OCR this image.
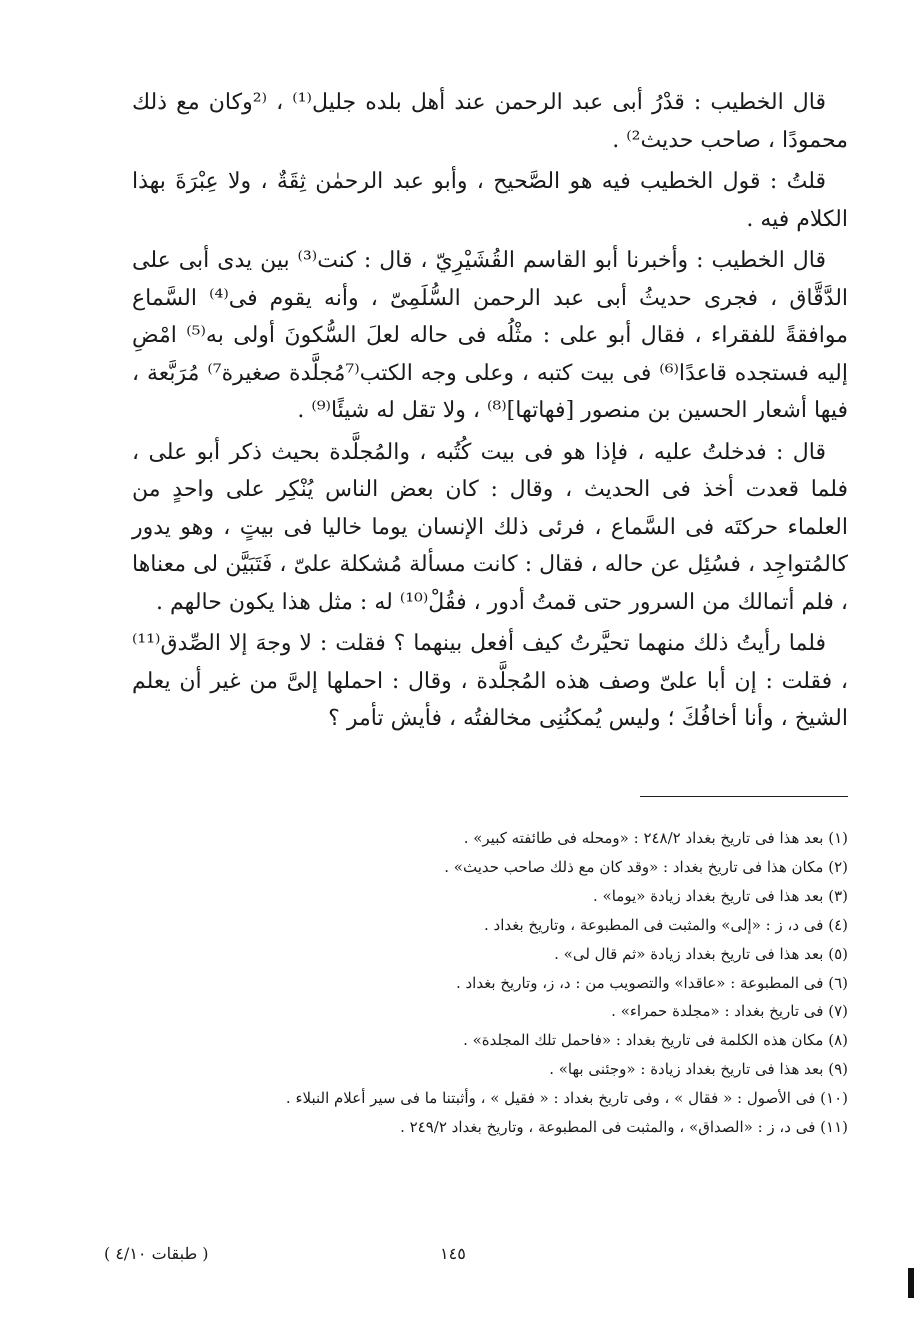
قال الخطيب : قدْرُ أبى عبد الرحمن عند أهل بلده جليل⁽¹⁾ ، ⁽²وكان مع ذلك محمودًا ، صاحب حديث²⁾ .

قلتُ : قول الخطيب فيه هو الصَّحيح ، وأبو عبد الرحمٰن ثِقَةٌ ، ولا عِبْرَةَ بهذا الكلام فيه .

قال الخطيب : وأخبرنا أبو القاسم القُشَيْرِيّ ، قال : كنت⁽³⁾ بين يدى أبى على الدَّقَّاق ، فجرى حديثُ أبى عبد الرحمن السُّلَمِىّ ، وأنه يقوم فى⁽⁴⁾ السَّماع موافقةً للفقراء ، فقال أبو على : مثْلُه فى حاله لعلَ السُّكونَ أولى به⁽⁵⁾ امْضِ إليه فستجده قاعدًا⁽⁶⁾ فى بيت كتبه ، وعلى وجه الكتب⁽⁷مُجلَّدة صغيرة⁷⁾ مُرَبَّعة ، فيها أشعار الحسين بن منصور [فهاتها]⁽⁸⁾ ، ولا تقل له شيئًا⁽⁹⁾ .

قال : فدخلتُ عليه ، فإذا هو فى بيت كُتُبه ، والمُجلَّدة بحيث ذكر أبو على ، فلما قعدت أخذ فى الحديث ، وقال : كان بعض الناس يُنْكِر على واحدٍ من العلماء حركتَه فى السَّماع ، فرئى ذلك الإنسان يوما خاليا فى بيتٍ ، وهو يدور كالمُتواجِد ، فسُئِل عن حاله ، فقال : كانت مسألة مُشكلة علىّ ، فَتَبَيَّن لى معناها ، فلم أتمالك من السرور حتى قمتُ أدور ، فقُلْ⁽¹⁰⁾ له : مثل هذا يكون حالهم .

فلما رأيتُ ذلك منهما تحيَّرتُ كيف أفعل بينهما ؟ فقلت : لا وجهَ إلا الصِّدق⁽¹¹⁾ ، فقلت : إن أبا علىّ وصف هذه المُجلَّدة ، وقال : احملها إلىَّ من غير أن يعلم الشيخ ، وأنا أخافُكَ ؛ وليس يُمكنُنِى مخالفتُه ، فأيش تأمر ؟

(١) بعد هذا فى تاريخ بغداد ٢٤٨/٢ : «ومحله فى طائفته كبير» .

(٢) مكان هذا فى تاريخ بغداد : «وقد كان مع ذلك صاحب حديث» .

(٣) بعد هذا فى تاريخ بغداد زيادة «يوما» .

(٤) فى د، ز : «إلى» والمثبت فى المطبوعة ، وتاريخ بغداد .

(٥) بعد هذا فى تاريخ بغداد زيادة «ثم قال لى» .

(٦) فى المطبوعة : «عاقدا» والتصويب من : د، ز، وتاريخ بغداد .

(٧) فى تاريخ بغداد : «مجلدة حمراء» .

(٨) مكان هذه الكلمة فى تاريخ بغداد : «فاحمل تلك المجلدة» .

(٩) بعد هذا فى تاريخ بغداد زيادة : «وجئنى بها» .

(١٠) فى الأصول : « فقال » ، وفى تاريخ بغداد : « فقيل » ، وأثبتنا ما فى سير أعلام النبلاء .

(١١) فى د، ز : «الصداق» ، والمثبت فى المطبوعة ، وتاريخ بغداد ٢٤٩/٢ .

١٤٥
( طبقات ٤/١٠ )
